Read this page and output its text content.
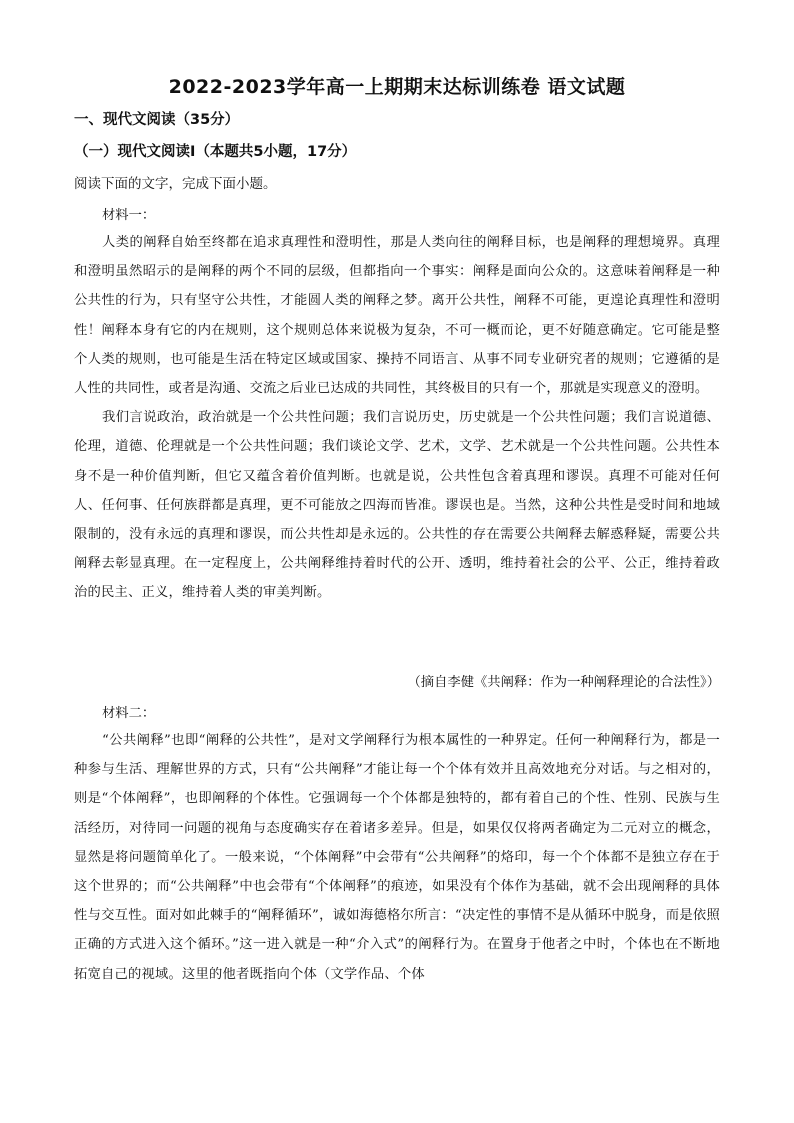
2022-2023学年高一上期期末达标训练卷 语文试题
一、现代文阅读（35分）
（一）现代文阅读Ⅰ（本题共5小题，17分）
阅读下面的文字，完成下面小题。
材料一：

人类的阐释自始至终都在追求真理性和澄明性，那是人类向往的阐释目标，也是阐释的理想境界。真理和澄明虽然昭示的是阐释的两个不同的层级，但都指向一个事实：阐释是面向公众的。这意味着阐释是一种公共性的行为，只有坚守公共性，才能圆人类的阐释之梦。离开公共性，阐释不可能，更遑论真理性和澄明性！阐释本身有它的内在规则，这个规则总体来说极为复杂，不可一概而论，更不好随意确定。它可能是整个人类的规则，也可能是生活在特定区域或国家、操持不同语言、从事不同专业研究者的规则；它遵循的是人性的共同性，或者是沟通、交流之后业已达成的共同性，其终极目的只有一个，那就是实现意义的澄明。

我们言说政治，政治就是一个公共性问题；我们言说历史，历史就是一个公共性问题；我们言说道德、伦理，道德、伦理就是一个公共性问题；我们谈论文学、艺术，文学、艺术就是一个公共性问题。公共性本身不是一种价值判断，但它又蕴含着价值判断。也就是说，公共性包含着真理和谬误。真理不可能对任何人、任何事、任何族群都是真理，更不可能放之四海而皆准。谬误也是。当然，这种公共性是受时间和地域限制的，没有永远的真理和谬误，而公共性却是永远的。公共性的存在需要公共阐释去解惑释疑，需要公共阐释去彰显真理。在一定程度上，公共阐释维持着时代的公开、透明，维持着社会的公平、公正，维持着政治的民主、正义，维持着人类的审美判断。

（摘自李健《共阐释：作为一种阐释理论的合法性》）
材料二：

“公共阐释”也即“阐释的公共性”，是对文学阐释行为根本属性的一种界定。任何一种阐释行为，都是一种参与生活、理解世界的方式，只有“公共阐释”才能让每一个个体有效并且高效地充分对话。与之相对的，则是“个体阐释”，也即阐释的个体性。它强调每一个个体都是独特的，都有着自己的个性、性别、民族与生活经历，对待同一问题的视角与态度确实存在着诸多差异。但是，如果仅仅将两者确定为二元对立的概念，显然是将问题简单化了。一般来说，“个体阐释”中会带有“公共阐释”的烙印，每一个个体都不是独立存在于这个世界的；而“公共阐释”中也会带有“个体阐释”的痕迹，如果没有个体作为基础，就不会出现阐释的具体性与交互性。面对如此棘手的“阐释循环”，诚如海德格尔所言：“决定性的事情不是从循环中脱身，而是依照正确的方式进入这个循环。”这一进入就是一种“介入式”的阐释行为。在置身于他者之中时，个体也在不断地拓宽自己的视域。这里的他者既指向个体（文学作品、个体
